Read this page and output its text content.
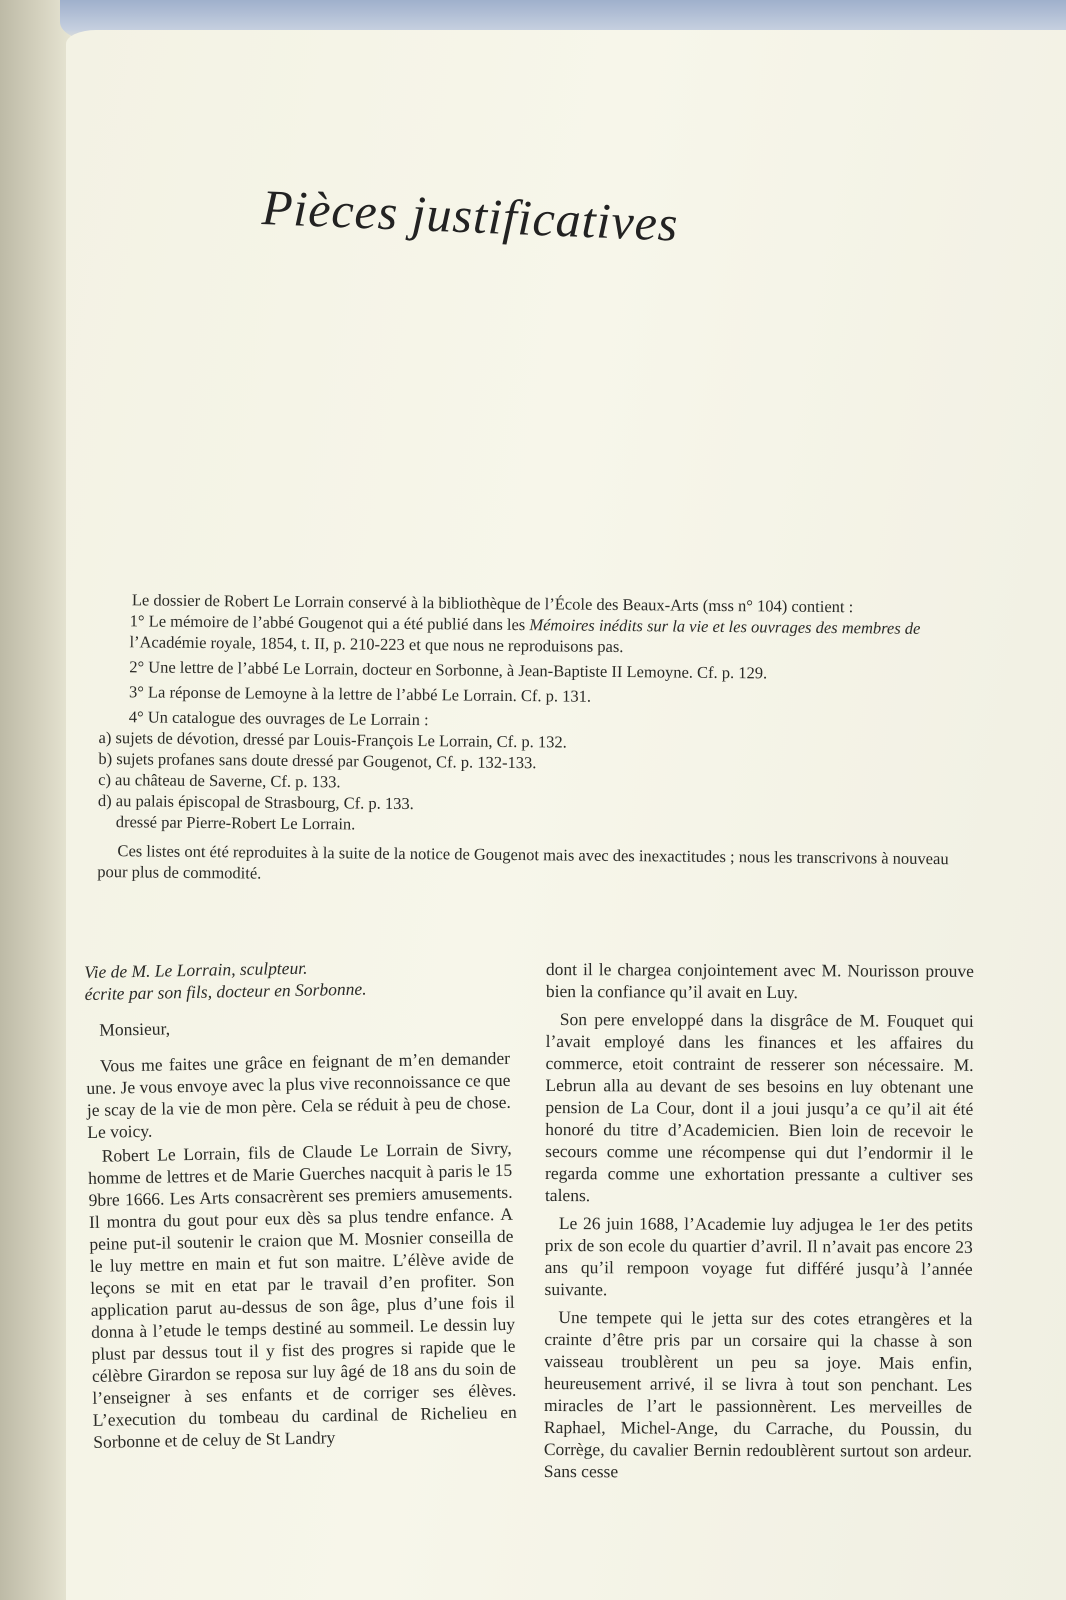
Pièces justificatives

Le dossier de Robert Le Lorrain conservé à la bibliothèque de l’École des Beaux-Arts (mss n° 104) contient :

1° Le mémoire de l’abbé Gougenot qui a été publié dans les Mémoires inédits sur la vie et les ouvrages des membres de l’Académie royale, 1854, t. II, p. 210-223 et que nous ne reproduisons pas.

2° Une lettre de l’abbé Le Lorrain, docteur en Sorbonne, à Jean-Baptiste II Lemoyne. Cf. p. 129.

3° La réponse de Lemoyne à la lettre de l’abbé Le Lorrain. Cf. p. 131.

4° Un catalogue des ouvrages de Le Lorrain :

a) sujets de dévotion, dressé par Louis-François Le Lorrain, Cf. p. 132.

b) sujets profanes sans doute dressé par Gougenot, Cf. p. 132-133.

c) au château de Saverne, Cf. p. 133.

d) au palais épiscopal de Strasbourg, Cf. p. 133.

dressé par Pierre-Robert Le Lorrain.

Ces listes ont été reproduites à la suite de la notice de Gougenot mais avec des inexactitudes ; nous les transcrivons à nouveau pour plus de commodité.

Vie de M. Le Lorrain, sculpteur.

écrite par son fils, docteur en Sorbonne.

Monsieur,

Vous me faites une grâce en feignant de m’en demander une. Je vous envoye avec la plus vive reconnoissance ce que je scay de la vie de mon père. Cela se réduit à peu de chose. Le voicy.

Robert Le Lorrain, fils de Claude Le Lorrain de Sivry, homme de lettres et de Marie Guerches nacquit à paris le 15 9bre 1666. Les Arts consacrèrent ses premiers amusements. Il montra du gout pour eux dès sa plus tendre enfance. A peine put-il soutenir le craion que M. Mosnier conseilla de le luy mettre en main et fut son maitre. L’élève avide de leçons se mit en etat par le travail d’en profiter. Son application parut au-dessus de son âge, plus d’une fois il donna à l’etude le temps destiné au sommeil. Le dessin luy plust par dessus tout il y fist des progres si rapide que le célèbre Girardon se reposa sur luy âgé de 18 ans du soin de l’enseigner à ses enfants et de corriger ses élèves. L’execution du tombeau du cardinal de Richelieu en Sorbonne et de celuy de St Landry

dont il le chargea conjointement avec M. Nourisson prouve bien la confiance qu’il avait en Luy.

Son pere enveloppé dans la disgrâce de M. Fouquet qui l’avait employé dans les finances et les affaires du commerce, etoit contraint de resserer son nécessaire. M. Lebrun alla au devant de ses besoins en luy obtenant une pension de La Cour, dont il a joui jusqu’a ce qu’il ait été honoré du titre d’Academicien. Bien loin de recevoir le secours comme une récompense qui dut l’endormir il le regarda comme une exhortation pressante a cultiver ses talens.

Le 26 juin 1688, l’Academie luy adjugea le 1er des petits prix de son ecole du quartier d’avril. Il n’avait pas encore 23 ans qu’il rempoon voyage fut différé jusqu’à l’année suivante.

Une tempete qui le jetta sur des cotes etrangères et la crainte d’être pris par un corsaire qui la chasse à son vaisseau troublèrent un peu sa joye. Mais enfin, heureusement arrivé, il se livra à tout son penchant. Les miracles de l’art le passionnèrent. Les merveilles de Raphael, Michel-Ange, du Carrache, du Poussin, du Corrège, du cavalier Bernin redoublèrent surtout son ardeur. Sans cesse
